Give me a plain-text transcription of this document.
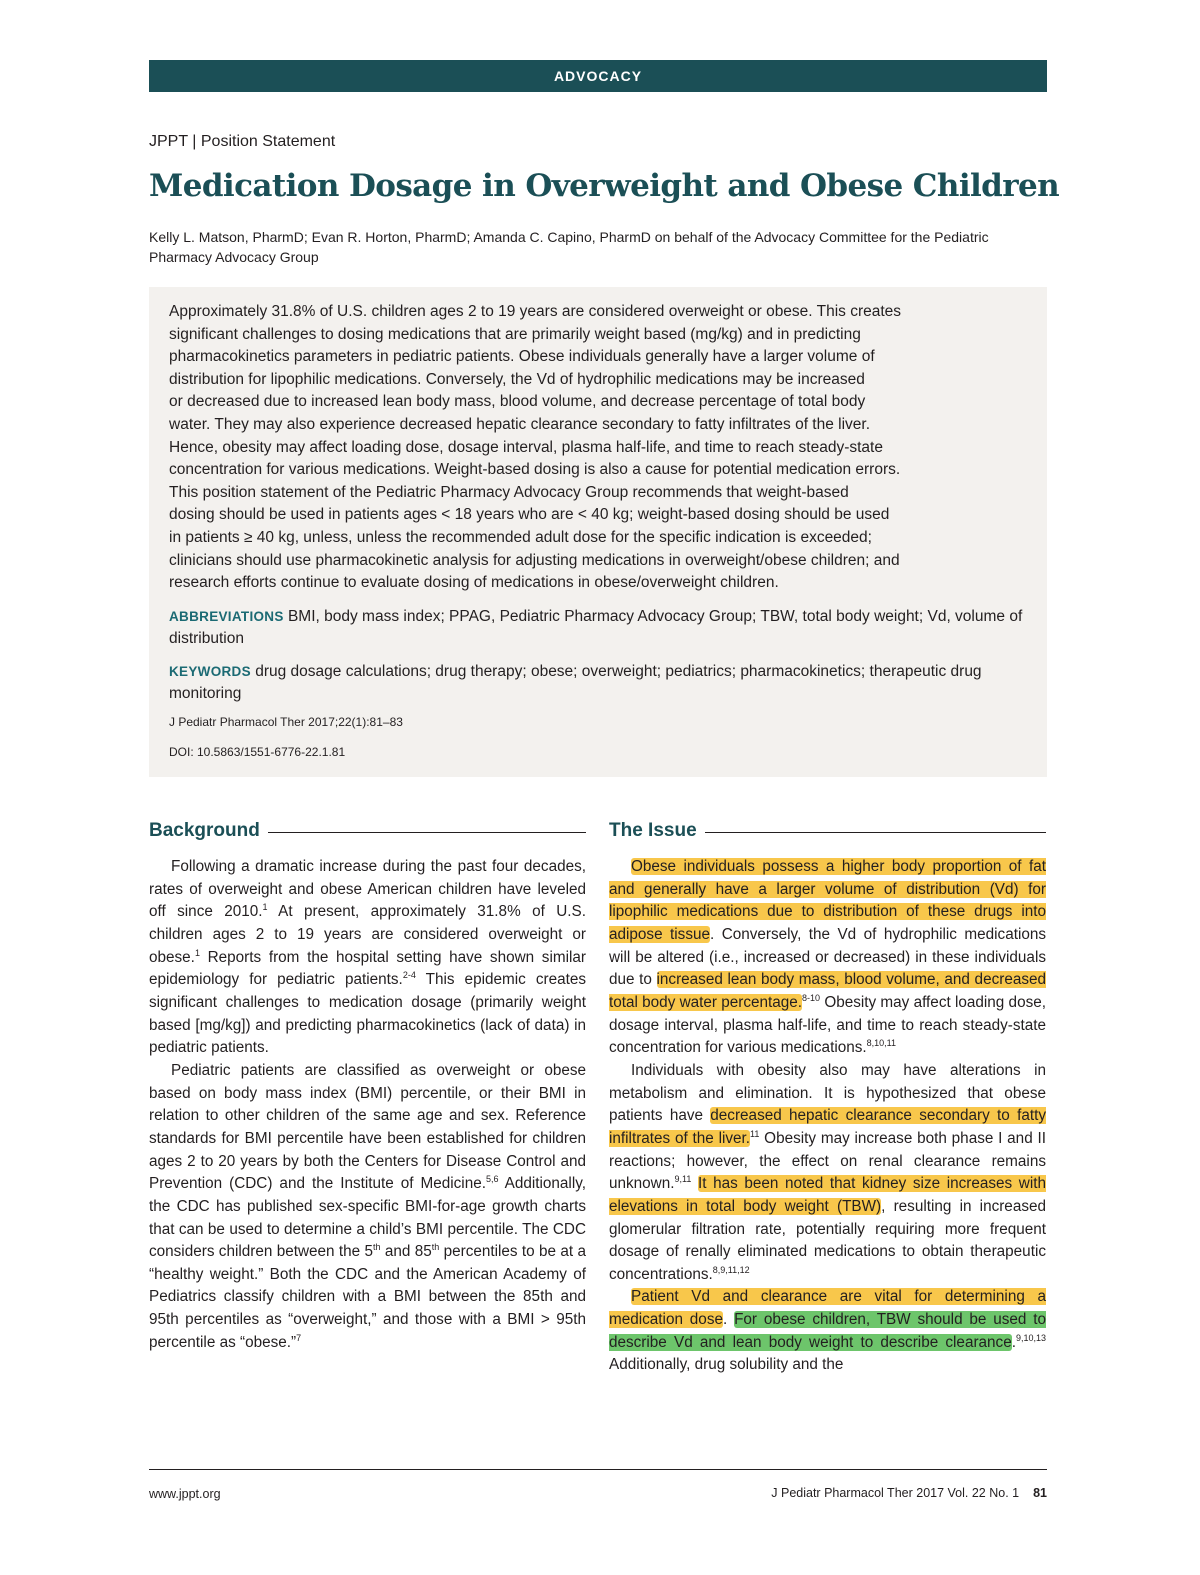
ADVOCACY
JPPT | Position Statement
Medication Dosage in Overweight and Obese Children
Kelly L. Matson, PharmD; Evan R. Horton, PharmD; Amanda C. Capino, PharmD on behalf of the Advocacy Committee for the Pediatric Pharmacy Advocacy Group
Approximately 31.8% of U.S. children ages 2 to 19 years are considered overweight or obese. This creates
significant challenges to dosing medications that are primarily weight based (mg/kg) and in predicting
pharmacokinetics parameters in pediatric patients. Obese individuals generally have a larger volume of
distribution for lipophilic medications. Conversely, the Vd of hydrophilic medications may be increased
or decreased due to increased lean body mass, blood volume, and decrease percentage of total body
water. They may also experience decreased hepatic clearance secondary to fatty infiltrates of the liver.
Hence, obesity may affect loading dose, dosage interval, plasma half-life, and time to reach steady-state
concentration for various medications. Weight-based dosing is also a cause for potential medication errors.
This position statement of the Pediatric Pharmacy Advocacy Group recommends that weight-based
dosing should be used in patients ages < 18 years who are < 40 kg; weight-based dosing should be used
in patients ≥ 40 kg, unless, unless the recommended adult dose for the specific indication is exceeded;
clinicians should use pharmacokinetic analysis for adjusting medications in overweight/obese children; and
research efforts continue to evaluate dosing of medications in obese/overweight children.
ABBREVIATIONS BMI, body mass index; PPAG, Pediatric Pharmacy Advocacy Group; TBW, total body weight; Vd, volume of distribution
KEYWORDS drug dosage calculations; drug therapy; obese; overweight; pediatrics; pharmacokinetics; therapeutic drug monitoring
J Pediatr Pharmacol Ther 2017;22(1):81–83
DOI: 10.5863/1551-6776-22.1.81
Background

Following a dramatic increase during the past four decades, rates of overweight and obese American children have leveled off since 2010.$^1$ At present, approximately 31.8% of U.S. children ages 2 to 19 years are considered overweight or obese.$^1$ Reports from the hospital setting have shown similar epidemiology for pediatric patients.$^{2-4}$ This epidemic creates significant challenges to medication dosage (primarily weight based [mg/kg]) and predicting pharmacokinetics (lack of data) in pediatric patients.

Pediatric patients are classified as overweight or obese based on body mass index (BMI) percentile, or their BMI in relation to other children of the same age and sex. Reference standards for BMI percentile have been established for children ages 2 to 20 years by both the Centers for Disease Control and Prevention (CDC) and the Institute of Medicine.$^{5,6}$ Additionally, the CDC has published sex-specific BMI-for-age growth charts that can be used to determine a child’s BMI percentile. The CDC considers children between the 5th and 85th percentiles to be at a “healthy weight.” Both the CDC and the American Academy of Pediatrics classify children with a BMI between the 85th and 95th percentiles as “overweight,” and those with a BMI > 95th percentile as “obese.”$^7$

The Issue

Obese individuals possess a higher body proportion of fat and generally have a larger volume of distribution (Vd) for lipophilic medications due to distribution of these drugs into adipose tissue. Conversely, the Vd of hydrophilic medications will be altered (i.e., increased or decreased) in these individuals due to increased lean body mass, blood volume, and decreased total body water percentage.$^{8-10}$ Obesity may affect loading dose, dosage interval, plasma half-life, and time to reach steady-state concentration for various medications.$^{8,10,11}$

Individuals with obesity also may have alterations in metabolism and elimination. It is hypothesized that obese patients have decreased hepatic clearance secondary to fatty infiltrates of the liver.$^{11}$ Obesity may increase both phase I and II reactions; however, the effect on renal clearance remains unknown.$^{9,11}$ It has been noted that kidney size increases with elevations in total body weight (TBW), resulting in increased glomerular filtration rate, potentially requiring more frequent dosage of renally eliminated medications to obtain therapeutic concentrations.$^{8,9,11,12}$

Patient Vd and clearance are vital for determining a medication dose. For obese children, TBW should be used to describe Vd and lean body weight to describe clearance.$^{9,10,13}$ Additionally, drug solubility and the

www.jppt.org	J Pediatr Pharmacol Ther 2017 Vol. 22 No. 1 81
